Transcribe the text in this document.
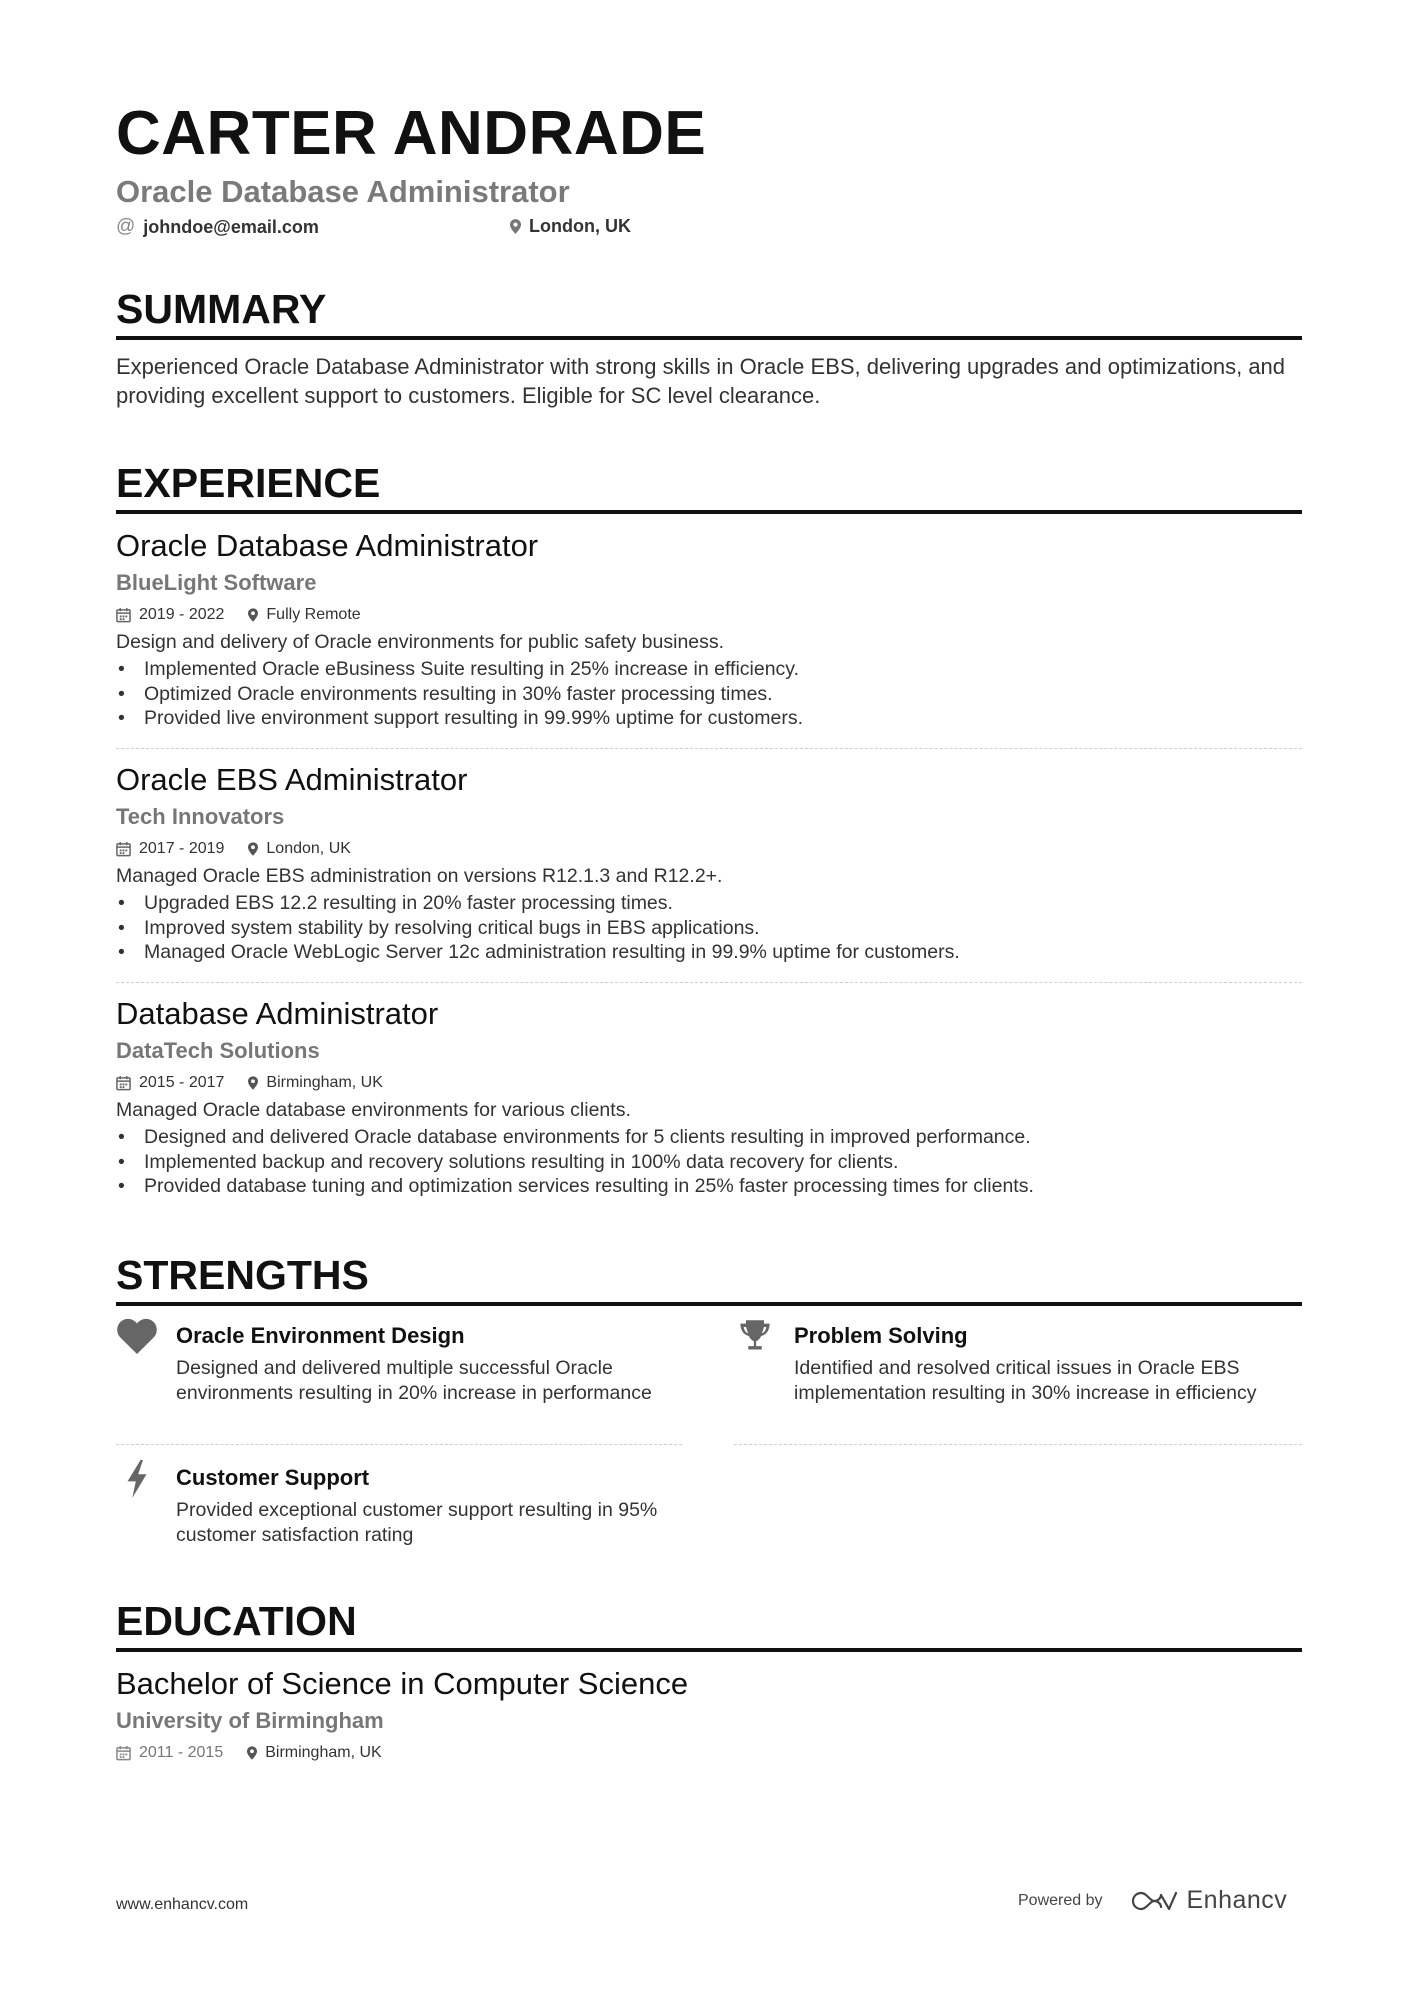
CARTER ANDRADE
Oracle Database Administrator
@ johndoe@email.com	London, UK
SUMMARY
Experienced Oracle Database Administrator with strong skills in Oracle EBS, delivering upgrades and optimizations, and providing excellent support to customers. Eligible for SC level clearance.
EXPERIENCE
Oracle Database Administrator
BlueLight Software
2019 - 2022	Fully Remote
Design and delivery of Oracle environments for public safety business.
• Implemented Oracle eBusiness Suite resulting in 25% increase in efficiency.
• Optimized Oracle environments resulting in 30% faster processing times.
• Provided live environment support resulting in 99.99% uptime for customers.
Oracle EBS Administrator
Tech Innovators
2017 - 2019	London, UK
Managed Oracle EBS administration on versions R12.1.3 and R12.2+.
• Upgraded EBS 12.2 resulting in 20% faster processing times.
• Improved system stability by resolving critical bugs in EBS applications.
• Managed Oracle WebLogic Server 12c administration resulting in 99.9% uptime for customers.
Database Administrator
DataTech Solutions
2015 - 2017	Birmingham, UK
Managed Oracle database environments for various clients.
• Designed and delivered Oracle database environments for 5 clients resulting in improved performance.
• Implemented backup and recovery solutions resulting in 100% data recovery for clients.
• Provided database tuning and optimization services resulting in 25% faster processing times for clients.
STRENGTHS
Oracle Environment Design
Designed and delivered multiple successful Oracle environments resulting in 20% increase in performance
Problem Solving
Identified and resolved critical issues in Oracle EBS implementation resulting in 30% increase in efficiency
Customer Support
Provided exceptional customer support resulting in 95% customer satisfaction rating
EDUCATION
Bachelor of Science in Computer Science
University of Birmingham
2011 - 2015	Birmingham, UK
www.enhancv.com	Powered by	Enhancv
